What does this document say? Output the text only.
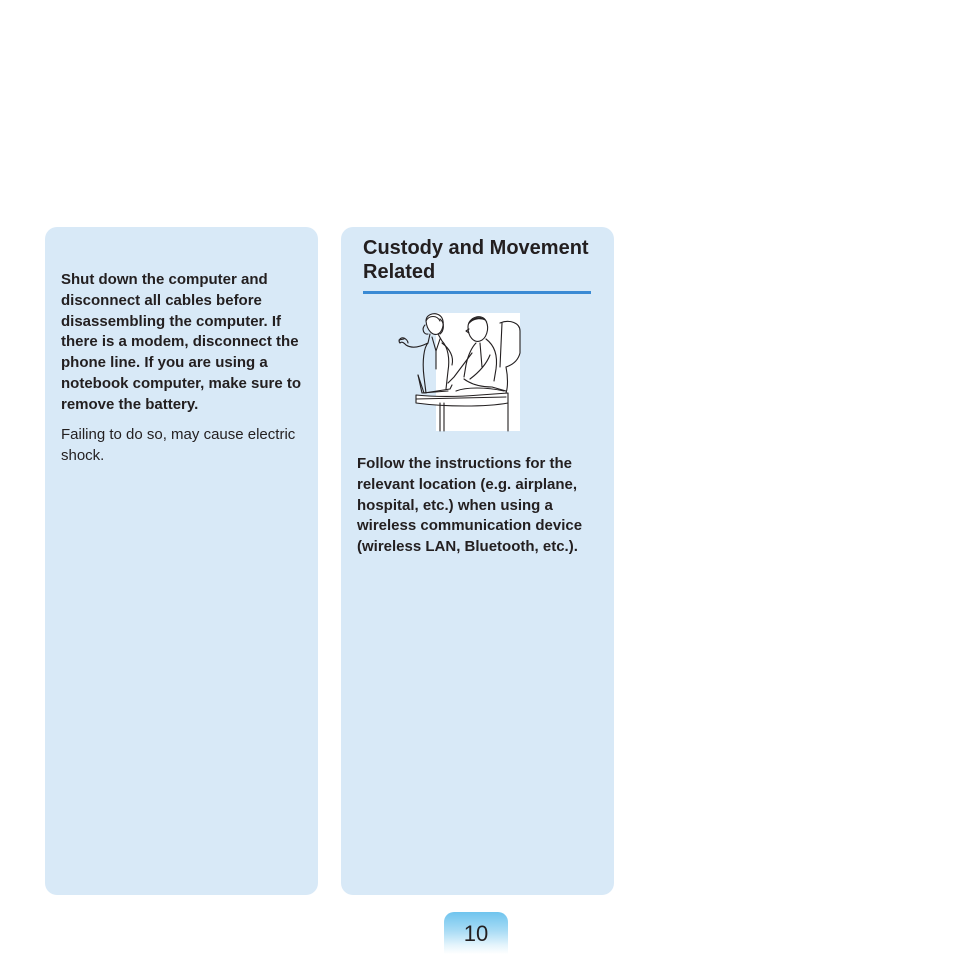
Shut down the computer and disconnect all cables before disassembling the computer. If there is a modem, disconnect the phone line. If you are using a notebook computer, make sure to remove the battery.

Failing to do so, may cause electric shock.

Custody and Movement Related

Follow the instructions for the relevant location (e.g. airplane, hospital, etc.) when using a wireless communication device (wireless LAN, Bluetooth, etc.).

10
